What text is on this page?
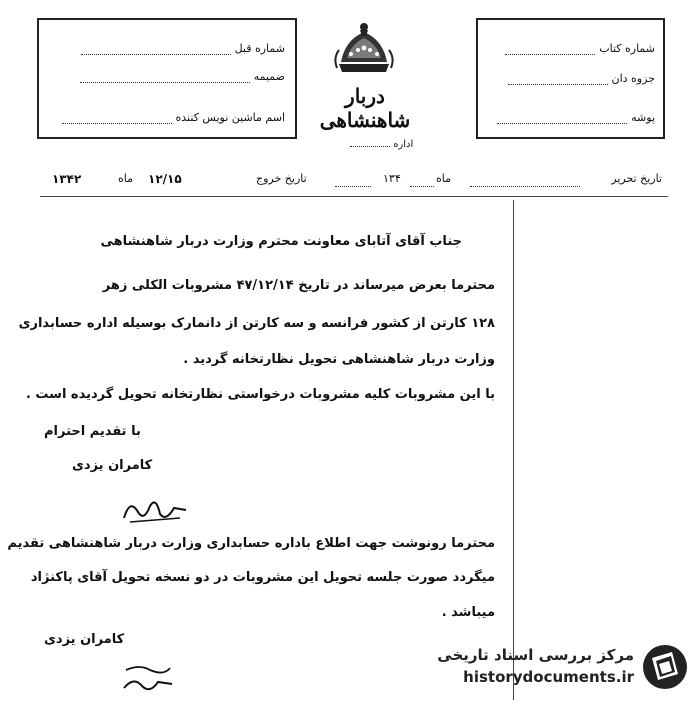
شماره قبل
ضمیمه
اسم ماشین نویس کننده
شماره کتاب
جزوه دان
پوشه
دربار شاهنشاهی
اداره
تاریخ تحریر
ماه
۱۳۴
تاریخ خروج
۱۲/۱۵
ماه
۱۳۴۲
جناب آقای آتابای معاونت محترم وزارت دربار شاهنشاهی
محترما بعرض میرساند در تاریخ ۴۷/۱۲/۱۴ مشروبات الکلی زهر
۱۲۸ کارتن از کشور فرانسه و سه کارتن از دانمارک بوسیله اداره حسابداری
وزارت دربار شاهنشاهی تحویل نظارتخانه گردید .
با این مشروبات کلیه مشروبات درخواستی نظارتخانه تحویل گردیده است .
با تقدیم احترام
کامران یزدی
محترما رونوشت جهت اطلاع باداره حسابداری وزارت دربار شاهنشاهی تقدیم
میگردد صورت جلسه تحویل این مشروبات در دو نسخه تحویل آقای پاکنژاد
میباشد .
کامران یزدی
مرکز بررسی اسناد تاریخی
historydocuments.ir
